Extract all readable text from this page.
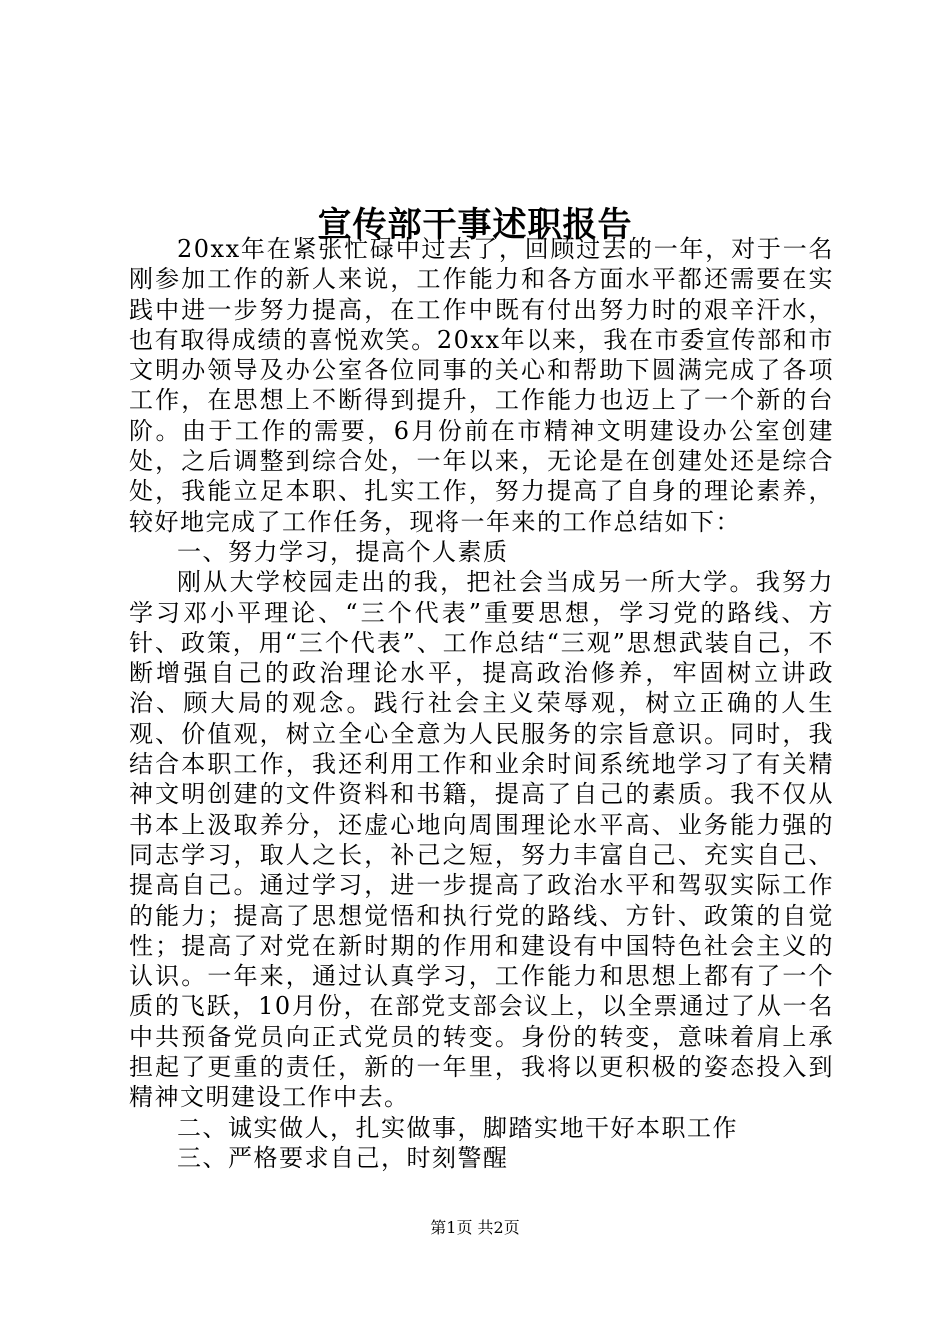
宣传部干事述职报告

20xx年在紧张忙碌中过去了，回顾过去的一年，对于一名刚参加工作的新人来说，工作能力和各方面水平都还需要在实践中进一步努力提高，在工作中既有付出努力时的艰辛汗水，也有取得成绩的喜悦欢笑。20xx年以来，我在市委宣传部和市文明办领导及办公室各位同事的关心和帮助下圆满完成了各项工作，在思想上不断得到提升，工作能力也迈上了一个新的台阶。由于工作的需要，6月份前在市精神文明建设办公室创建处，之后调整到综合处，一年以来，无论是在创建处还是综合处，我能立足本职、扎实工作，努力提高了自身的理论素养，较好地完成了工作任务，现将一年来的工作总结如下：

一、努力学习，提高个人素质

刚从大学校园走出的我，把社会当成另一所大学。我努力学习邓小平理论、“三个代表”重要思想，学习党的路线、方针、政策，用“三个代表”、工作总结“三观”思想武装自己，不断增强自己的政治理论水平，提高政治修养，牢固树立讲政治、顾大局的观念。践行社会主义荣辱观，树立正确的人生观、价值观，树立全心全意为人民服务的宗旨意识。同时，我结合本职工作，我还利用工作和业余时间系统地学习了有关精神文明创建的文件资料和书籍，提高了自己的素质。我不仅从书本上汲取养分，还虚心地向周围理论水平高、业务能力强的同志学习，取人之长，补己之短，努力丰富自己、充实自己、提高自己。通过学习，进一步提高了政治水平和驾驭实际工作的能力；提高了思想觉悟和执行党的路线、方针、政策的自觉性；提高了对党在新时期的作用和建设有中国特色社会主义的认识。一年来，通过认真学习，工作能力和思想上都有了一个质的飞跃，10月份，在部党支部会议上，以全票通过了从一名中共预备党员向正式党员的转变。身份的转变，意味着肩上承担起了更重的责任，新的一年里，我将以更积极的姿态投入到精神文明建设工作中去。

二、诚实做人，扎实做事，脚踏实地干好本职工作

三、严格要求自己，时刻警醒

第1页 共2页
